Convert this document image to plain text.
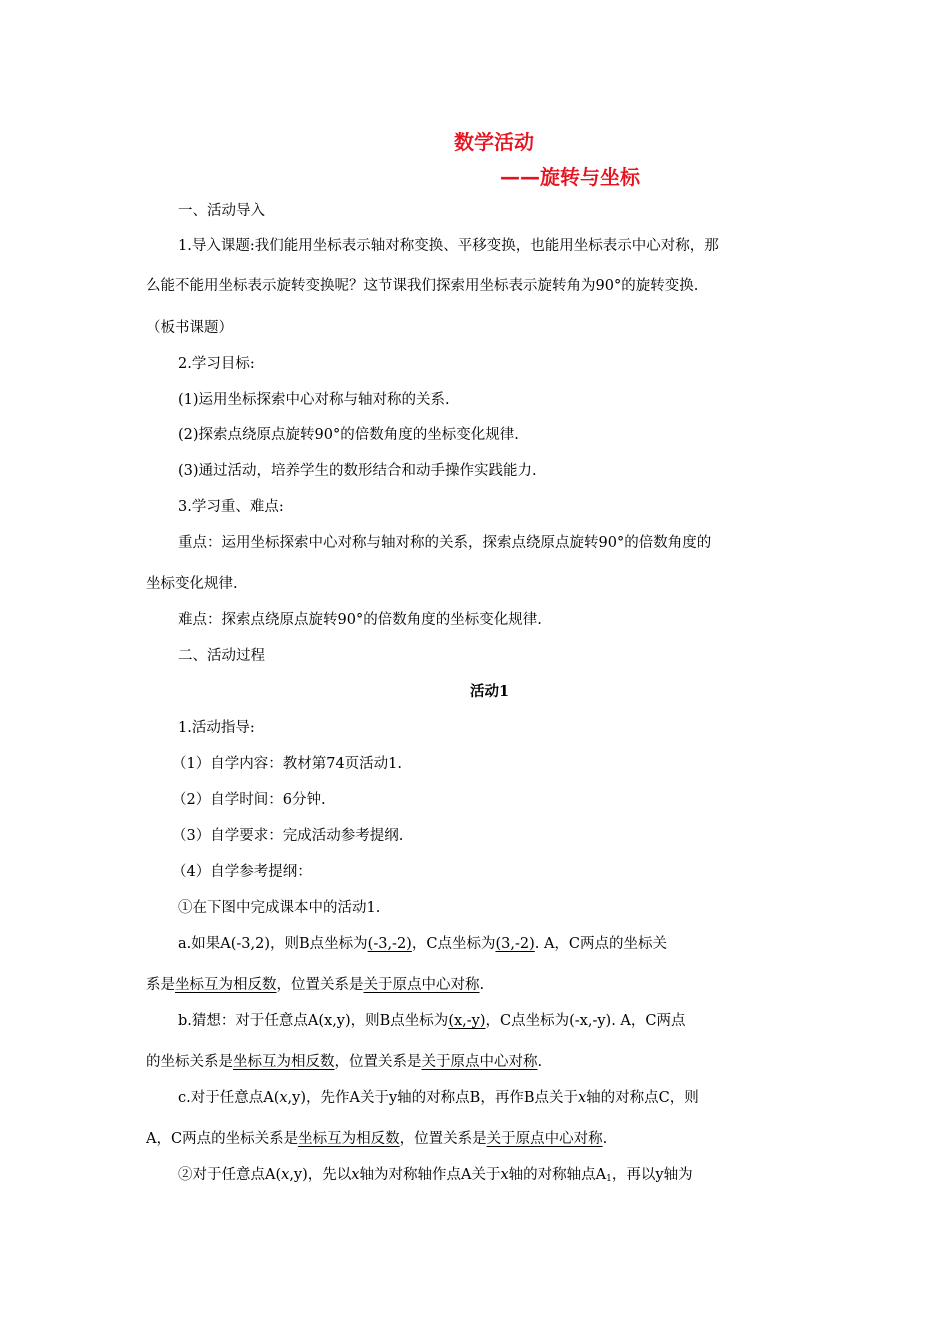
数学活动
——旋转与坐标
一、活动导入
1.导入课题:我们能用坐标表示轴对称变换、平移变换，也能用坐标表示中心对称，那
么能不能用坐标表示旋转变换呢？这节课我们探索用坐标表示旋转角为90°的旋转变换.
（板书课题）
2.学习目标:
(1)运用坐标探索中心对称与轴对称的关系.
(2)探索点绕原点旋转90°的倍数角度的坐标变化规律.
(3)通过活动，培养学生的数形结合和动手操作实践能力.
3.学习重、难点:
重点：运用坐标探索中心对称与轴对称的关系，探索点绕原点旋转90°的倍数角度的
坐标变化规律.
难点：探索点绕原点旋转90°的倍数角度的坐标变化规律.
二、活动过程
活动1
1.活动指导:
（1）自学内容：教材第74页活动1.
（2）自学时间：6分钟.
（3）自学要求：完成活动参考提纲.
（4）自学参考提纲：
①在下图中完成课本中的活动1.
a.如果A(-3,2)，则B点坐标为(-3,-2)，C点坐标为(3,-2). A，C两点的坐标关
系是坐标互为相反数，位置关系是关于原点中心对称.
b.猜想：对于任意点A(x,y)，则B点坐标为(x,-y)，C点坐标为(-x,-y). A，C两点
的坐标关系是坐标互为相反数，位置关系是关于原点中心对称.
c.对于任意点A(x,y)，先作A关于y轴的对称点B，再作B点关于x轴的对称点C，则
A，C两点的坐标关系是坐标互为相反数，位置关系是关于原点中心对称.
②对于任意点A(x,y)，先以x轴为对称轴作点A关于x轴的对称轴点$A_1$，再以y轴为
